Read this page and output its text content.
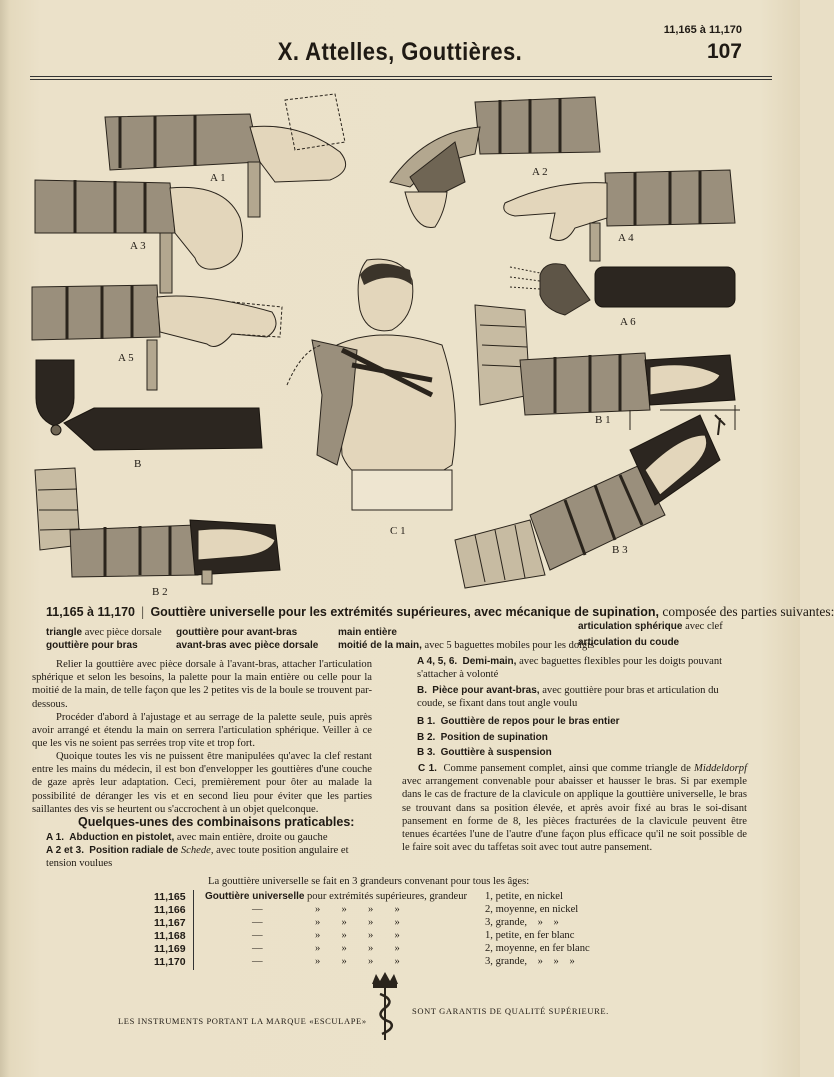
11,165 à 11,170
X. Attelles, Gouttières.	107
A 1	A 2
A 3
A 4
A 5
A 6
B
C 1
B 1
B 2
B 3
11,165 à 11,170 | Gouttière universelle pour les extrémités supérieures, avec mécanique de supination, composée des parties suivantes:
triangle avec pièce dorsale
gouttière pour bras
gouttière pour avant-bras
avant-bras avec pièce dorsale
main entière
moitié de la main, avec 5 baguettes mobiles pour les doigts
articulation sphérique avec clef
articulation du coude
Relier la gouttière avec pièce dorsale à l'avant-bras, attacher l'articulation sphérique et selon les besoins, la palette pour la main entière ou celle pour la moitié de la main, de telle façon que les 2 petites vis de la boule se trouvent par-dessous.
Procéder d'abord à l'ajustage et au serrage de la palette seule, puis après avoir arrangé et étendu la main on serrera l'articulation sphérique. Veiller à ce que les vis ne soient pas serrées trop vite et trop fort.
Quoique toutes les vis ne puissent être manipulées qu'avec la clef restant entre les mains du médecin, il est bon d'envelopper les gouttières d'une couche de gaze après leur adaptation. Ceci, premièrement pour ôter au malade la possibilité de déranger les vis et en second lieu pour éviter que les parties saillantes des vis se heurtent ou s'accrochent à un objet quelconque.
Quelques-unes des combinaisons praticables:
A 1. Abduction en pistolet, avec main entière, droite ou gauche
A 2 et 3. Position radiale de Schede, avec toute position angulaire et tension voulues
A 4, 5, 6. Demi-main, avec baguettes flexibles pour les doigts pouvant s'attacher à volonté
B. Pièce pour avant-bras, avec gouttière pour bras et articulation du coude, se fixant dans tout angle voulu
B 1. Gouttière de repos pour le bras entier
B 2. Position de supination
B 3. Gouttière à suspension
C 1. Comme pansement complet, ainsi que comme triangle de Middeldorpf avec arrangement convenable pour abaisser et hausser le bras. Si par exemple dans le cas de fracture de la clavicule on applique la gouttière universelle, le bras se trouvant dans sa position élevée, et après avoir fixé au bras le soi-disant pansement en forme de 8, les pièces fracturées de la clavicule peuvent être tenues écartées l'une de l'autre d'une façon plus efficace qu'il ne soit possible de le faire soit avec du taffetas soit avec tout autre pansement.
La gouttière universelle se fait en 3 grandeurs convenant pour tous les âges:
11,165 Gouttière universelle pour extrémités supérieures, grandeur 1, petite, en nickel
11,166	—	»        »        »        »	2, moyenne, en nickel
11,167	—	»        »        »        »	3, grande,    »    »
11,168	—	»        »        »        »	1, petite, en fer blanc
11,169	—	»        »        »        »	2, moyenne, en fer blanc
11,170	—	»        »        »        »	3, grande,    »    »    »
LES INSTRUMENTS PORTANT LA MARQUE «ESCULAPE»
SONT GARANTIS DE QUALITÉ SUPÉRIEURE.
